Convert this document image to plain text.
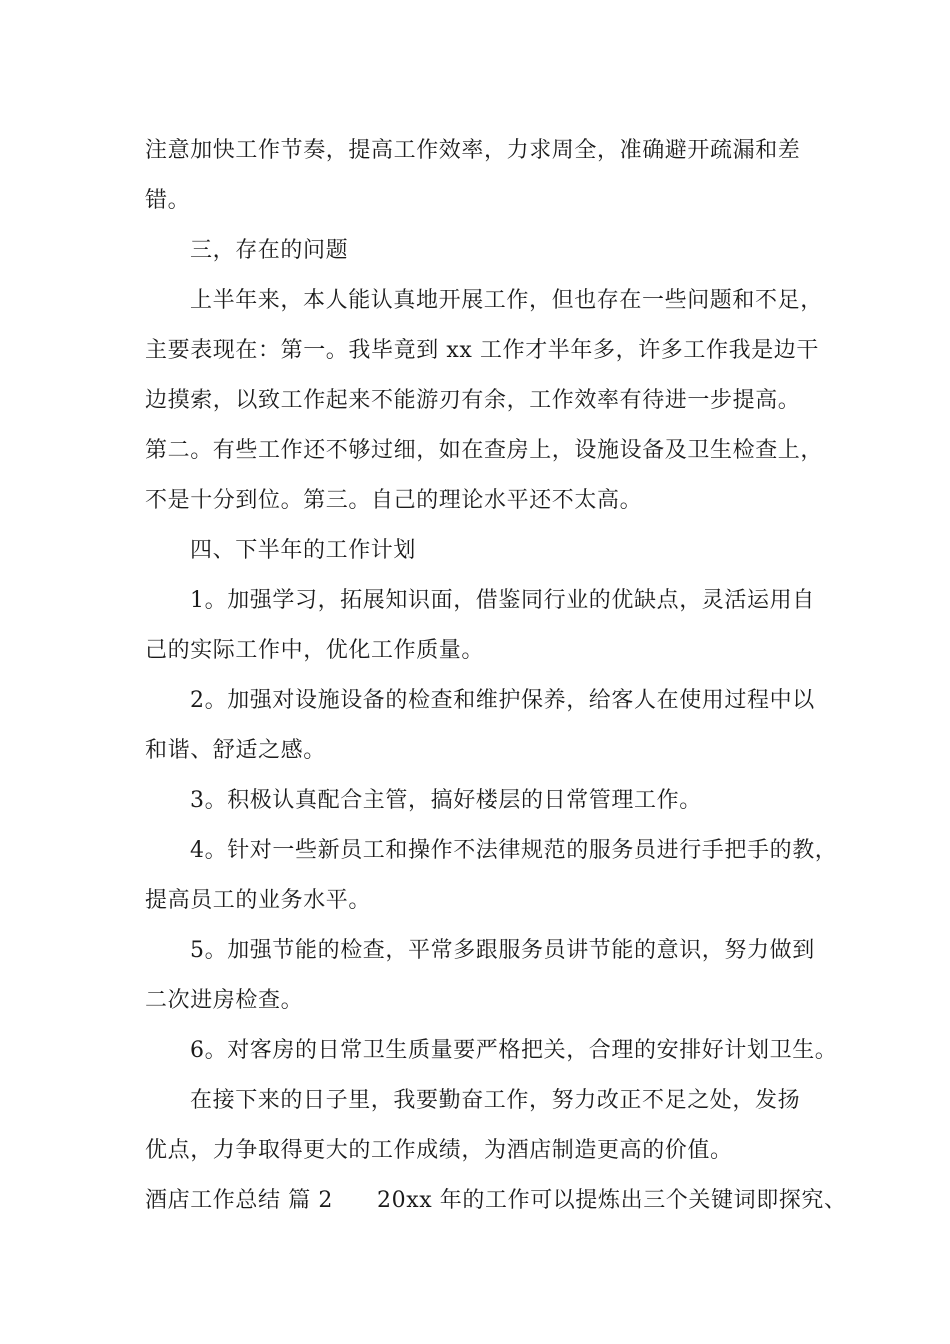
注意加快工作节奏，提高工作效率，力求周全，准确避开疏漏和差
错。
三，存在的问题
上半年来，本人能认真地开展工作，但也存在一些问题和不足，
主要表现在：第一。我毕竟到 xx 工作才半年多，许多工作我是边干
边摸索，以致工作起来不能游刃有余，工作效率有待进一步提高。
第二。有些工作还不够过细，如在查房上，设施设备及卫生检查上，
不是十分到位。第三。自己的理论水平还不太高。
四、下半年的工作计划
1。加强学习，拓展知识面，借鉴同行业的优缺点，灵活运用自
己的实际工作中，优化工作质量。
2。加强对设施设备的检查和维护保养，给客人在使用过程中以
和谐、舒适之感。
3。积极认真配合主管，搞好楼层的日常管理工作。
4。针对一些新员工和操作不法律规范的服务员进行手把手的教，
提高员工的业务水平。
5。加强节能的检查，平常多跟服务员讲节能的意识，努力做到
二次进房检查。
6。对客房的日常卫生质量要严格把关，合理的安排好计划卫生。
在接下来的日子里，我要勤奋工作，努力改正不足之处，发扬
优点，力争取得更大的工作成绩，为酒店制造更高的价值。
酒店工作总结 篇 2 20xx 年的工作可以提炼出三个关键词即探究、
